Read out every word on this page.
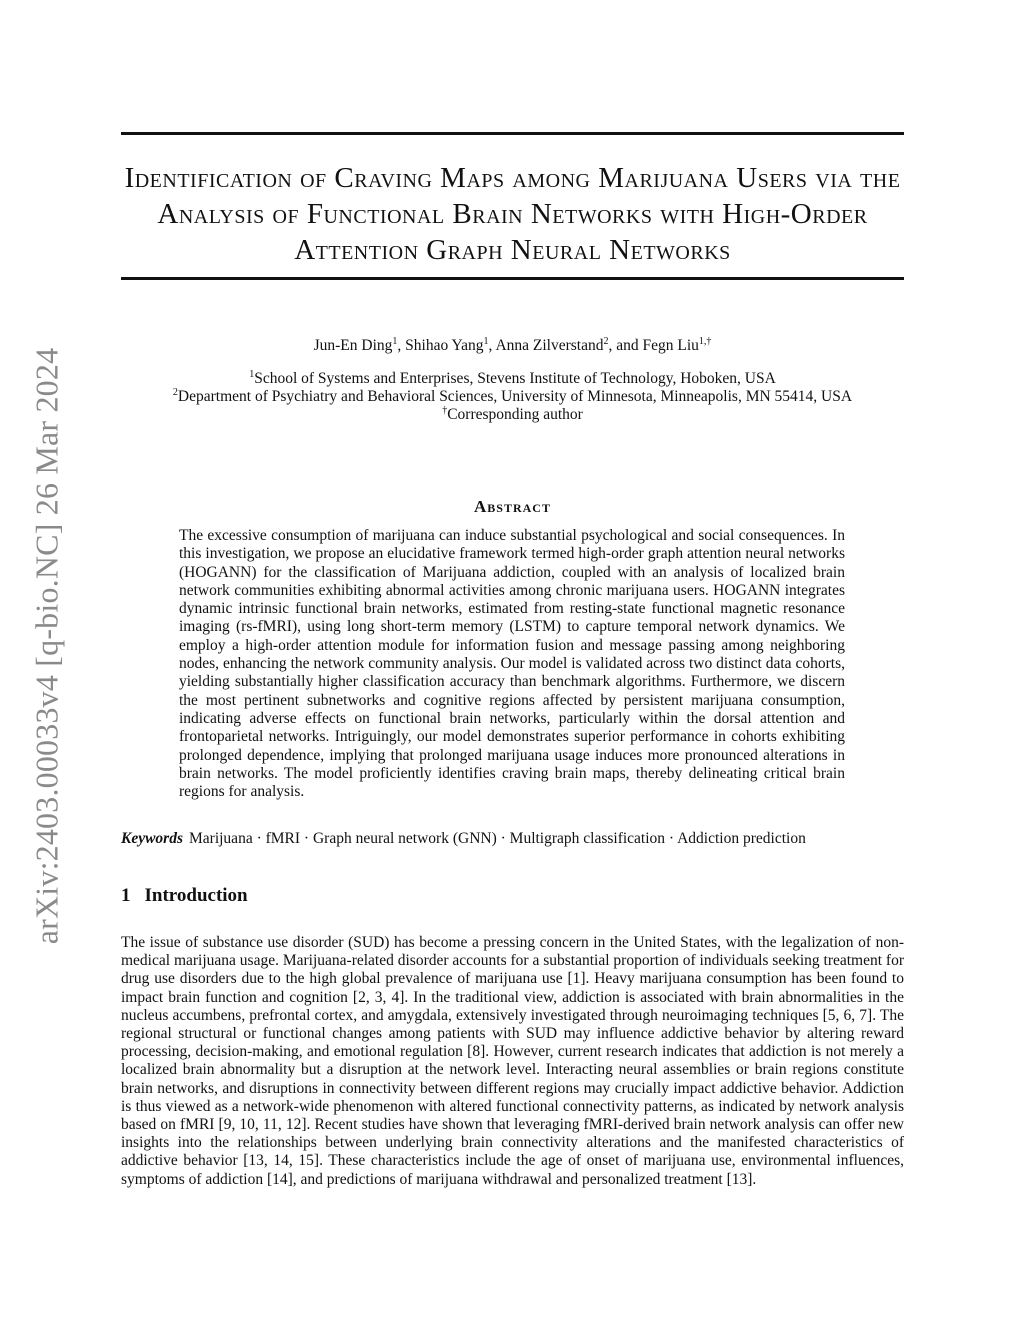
arXiv:2403.00033v4 [q-bio.NC] 26 Mar 2024
Identification of Craving Maps among Marijuana Users via the Analysis of Functional Brain Networks with High-Order Attention Graph Neural Networks
Jun-En Ding$^1$, Shihao Yang$^1$, Anna Zilverstand$^2$, and Fegn Liu$^{1,\dagger}$
$^1$School of Systems and Enterprises, Stevens Institute of Technology, Hoboken, USA
$^2$Department of Psychiatry and Behavioral Sciences, University of Minnesota, Minneapolis, MN 55414, USA
†Corresponding author
Abstract

The excessive consumption of marijuana can induce substantial psychological and social consequences. In this investigation, we propose an elucidative framework termed high-order graph attention neural networks (HOGANN) for the classification of Marijuana addiction, coupled with an analysis of localized brain network communities exhibiting abnormal activities among chronic marijuana users. HOGANN integrates dynamic intrinsic functional brain networks, estimated from resting-state functional magnetic resonance imaging (rs-fMRI), using long short-term memory (LSTM) to capture temporal network dynamics. We employ a high-order attention module for information fusion and message passing among neighboring nodes, enhancing the network community analysis. Our model is validated across two distinct data cohorts, yielding substantially higher classification accuracy than benchmark algorithms. Furthermore, we discern the most pertinent subnetworks and cognitive regions affected by persistent marijuana consumption, indicating adverse effects on functional brain networks, particularly within the dorsal attention and frontoparietal networks. Intriguingly, our model demonstrates superior performance in cohorts exhibiting prolonged dependence, implying that prolonged marijuana usage induces more pronounced alterations in brain networks. The model proficiently identifies craving brain maps, thereby delineating critical brain regions for analysis.

Keywords Marijuana · fMRI · Graph neural network (GNN) · Multigraph classification · Addiction prediction
1 Introduction

The issue of substance use disorder (SUD) has become a pressing concern in the United States, with the legalization of non-medical marijuana usage. Marijuana-related disorder accounts for a substantial proportion of individuals seeking treatment for drug use disorders due to the high global prevalence of marijuana use [1]. Heavy marijuana consumption has been found to impact brain function and cognition [2, 3, 4]. In the traditional view, addiction is associated with brain abnormalities in the nucleus accumbens, prefrontal cortex, and amygdala, extensively investigated through neuroimaging techniques [5, 6, 7]. The regional structural or functional changes among patients with SUD may influence addictive behavior by altering reward processing, decision-making, and emotional regulation [8]. However, current research indicates that addiction is not merely a localized brain abnormality but a disruption at the network level. Interacting neural assemblies or brain regions constitute brain networks, and disruptions in connectivity between different regions may crucially impact addictive behavior. Addiction is thus viewed as a network-wide phenomenon with altered functional connectivity patterns, as indicated by network analysis based on fMRI [9, 10, 11, 12]. Recent studies have shown that leveraging fMRI-derived brain network analysis can offer new insights into the relationships between underlying brain connectivity alterations and the manifested characteristics of addictive behavior [13, 14, 15]. These characteristics include the age of onset of marijuana use, environmental influences, symptoms of addiction [14], and predictions of marijuana withdrawal and personalized treatment [13].
